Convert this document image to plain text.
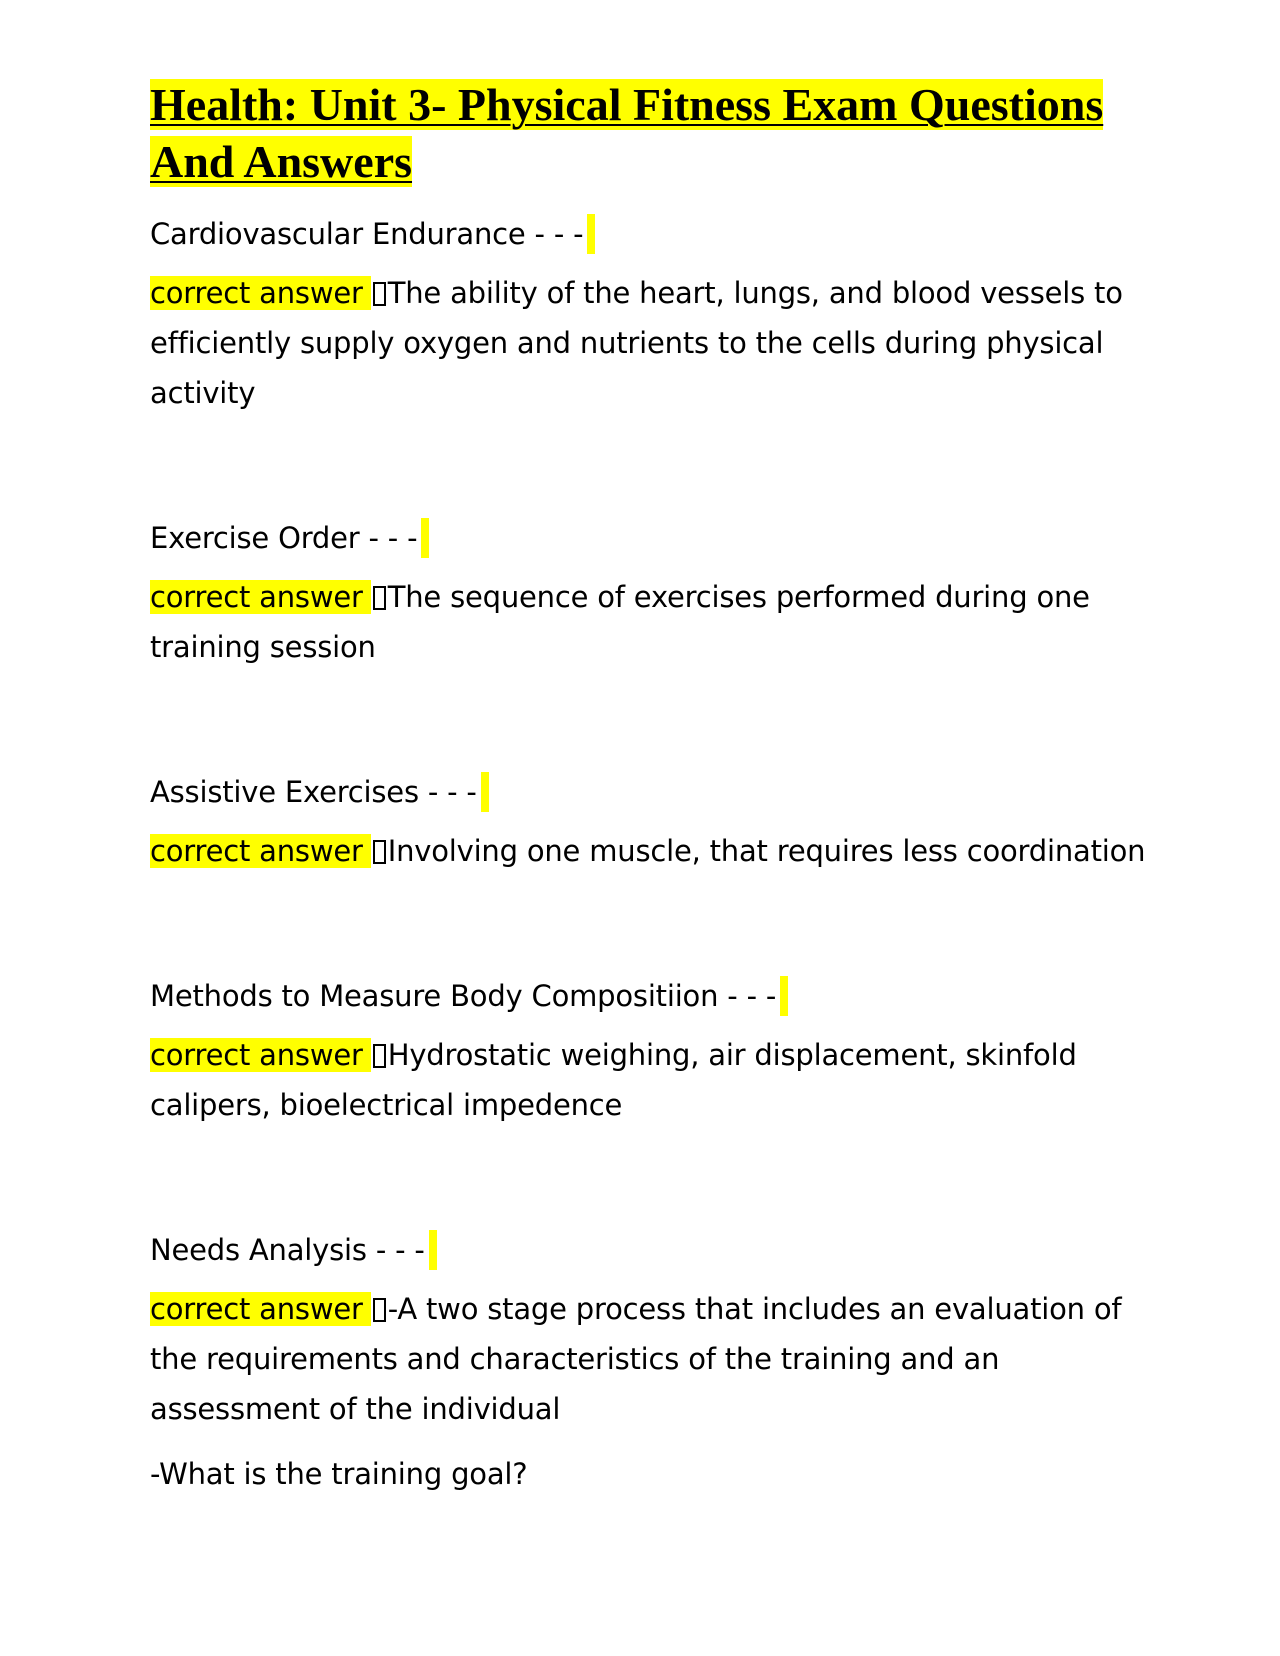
Health: Unit 3- Physical Fitness Exam Questions And Answers
Cardiovascular Endurance - - -

correct answer The ability of the heart, lungs, and blood vessels to efficiently supply oxygen and nutrients to the cells during physical activity

Exercise Order - - -

correct answer The sequence of exercises performed during one training session

Assistive Exercises - - -

correct answer Involving one muscle, that requires less coordination

Methods to Measure Body Compositiion - - -

correct answer Hydrostatic weighing, air displacement, skinfold calipers, bioelectrical impedence

Needs Analysis - - -

correct answer -A two stage process that includes an evaluation of the requirements and characteristics of the training and an assessment of the individual

-What is the training goal?
